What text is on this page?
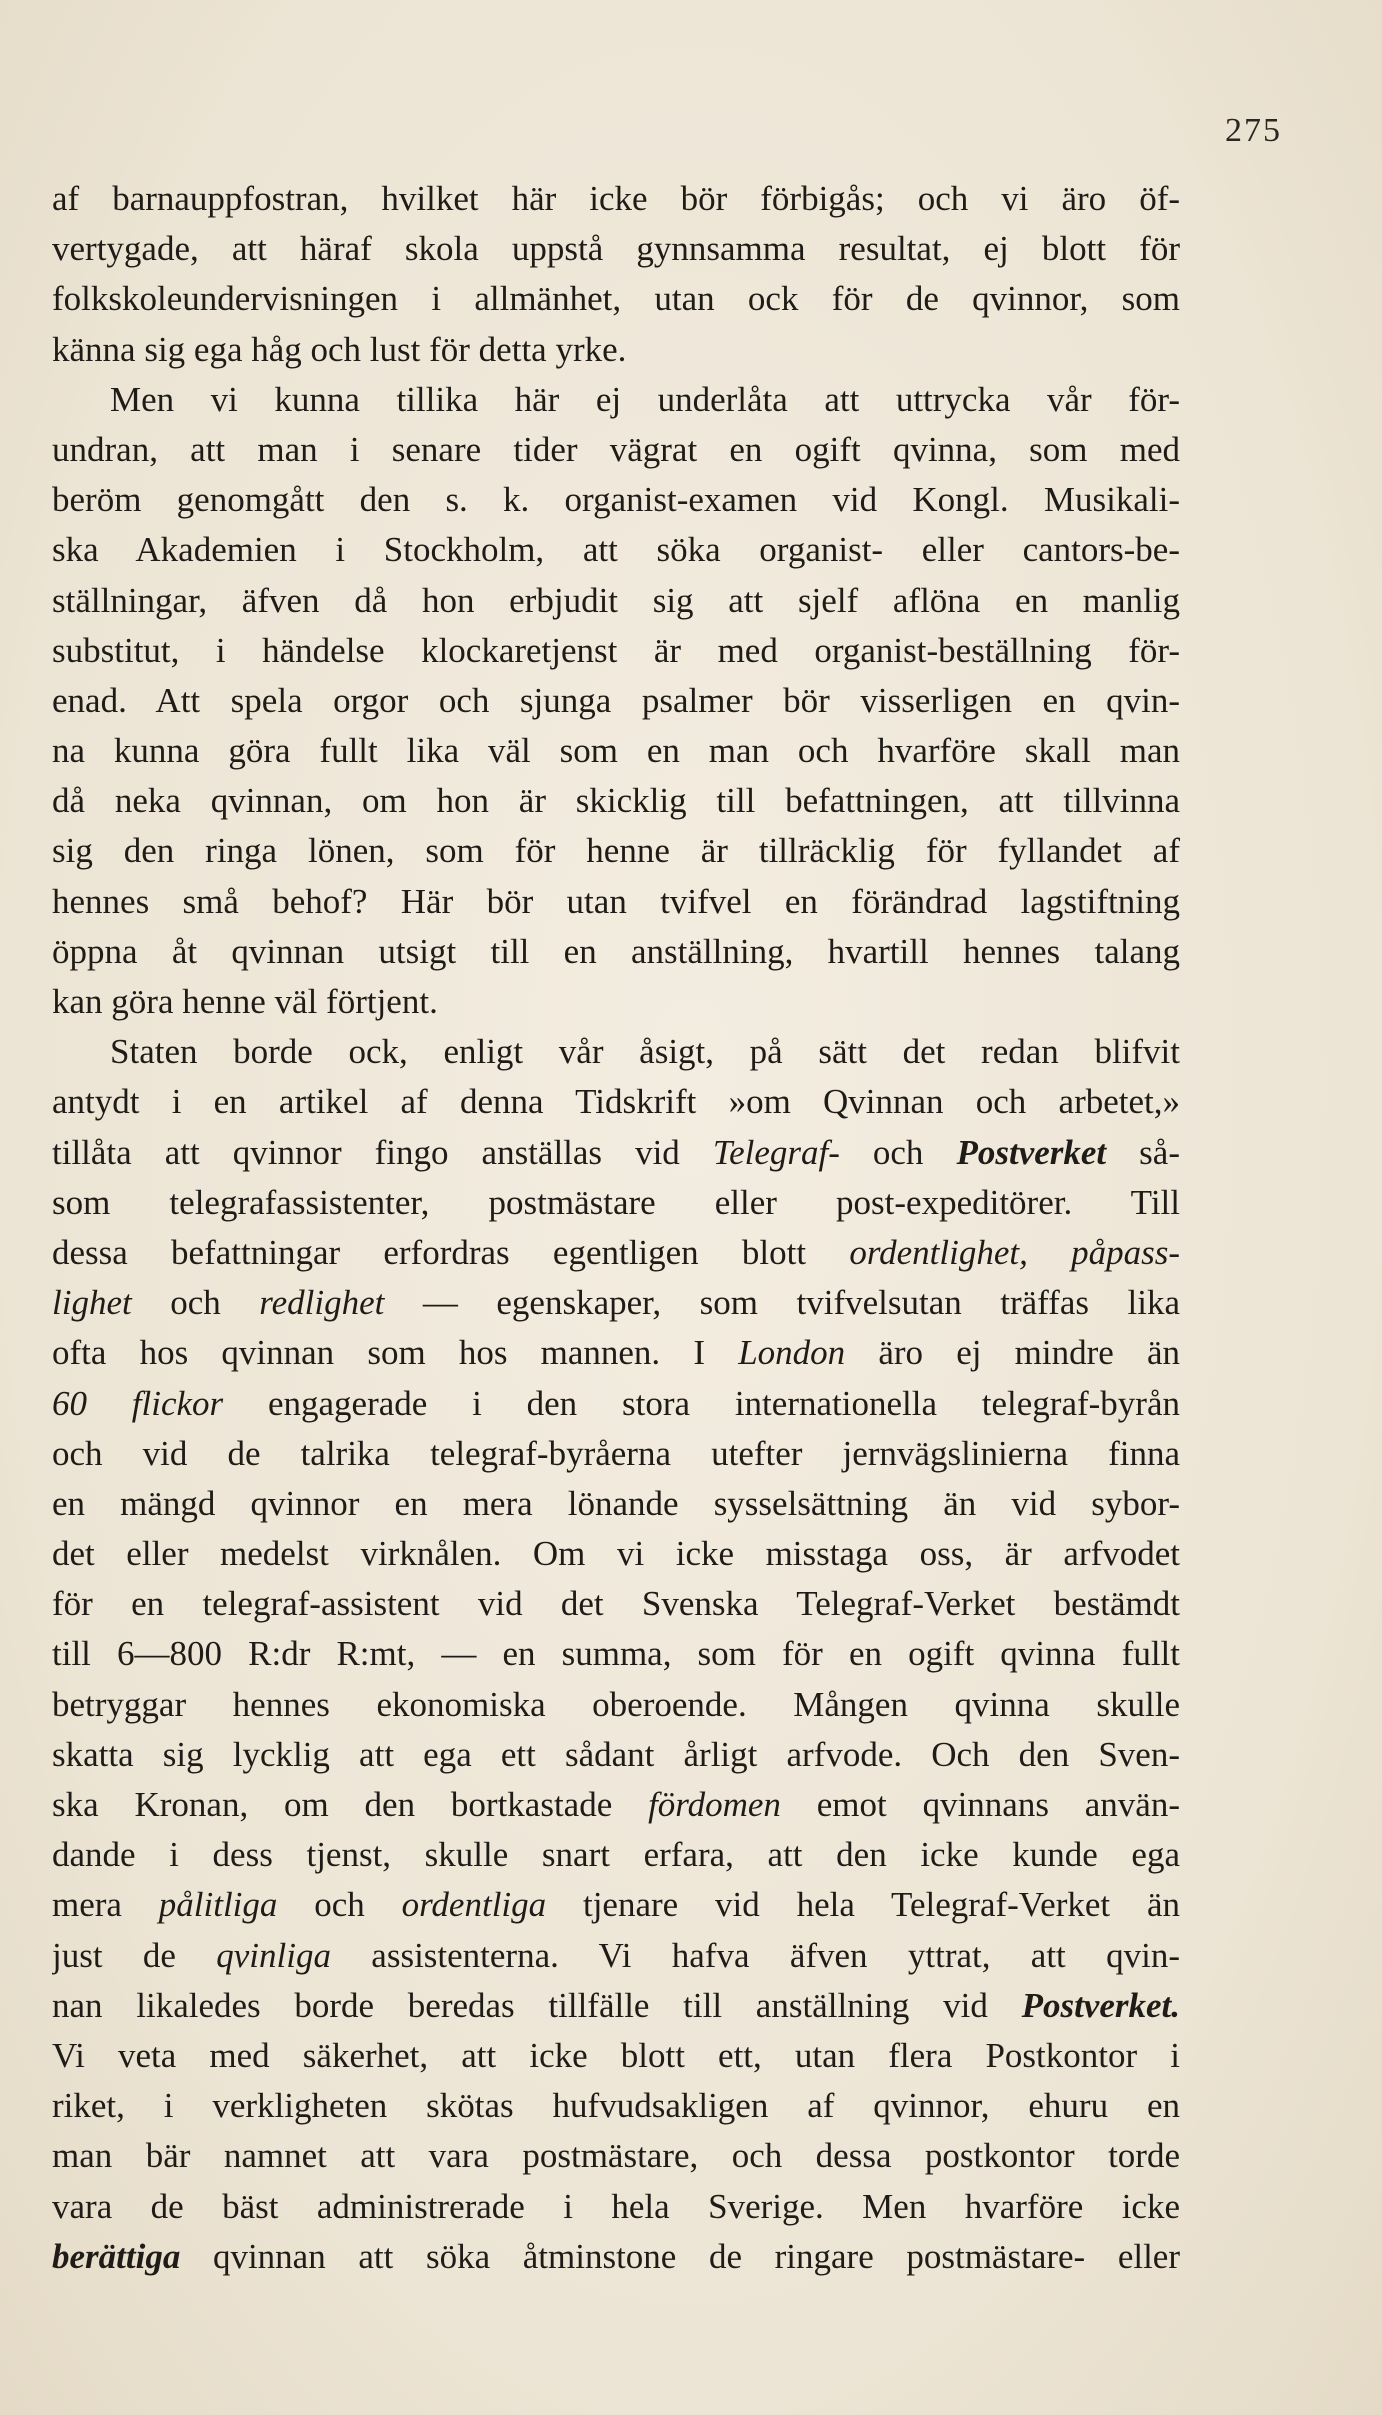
275
af barnauppfostran, hvilket här icke bör förbigås; och vi äro öf-
vertygade, att häraf skola uppstå gynnsamma resultat, ej blott för
folkskoleundervisningen i allmänhet, utan ock för de qvinnor, som
känna sig ega håg och lust för detta yrke.
Men vi kunna tillika här ej underlåta att uttrycka vår för-
undran, att man i senare tider vägrat en ogift qvinna, som med
beröm genomgått den s. k. organist-examen vid Kongl. Musikali-
ska Akademien i Stockholm, att söka organist- eller cantors-be-
ställningar, äfven då hon erbjudit sig att sjelf aflöna en manlig
substitut, i händelse klockaretjenst är med organist-beställning för-
enad. Att spela orgor och sjunga psalmer bör visserligen en qvin-
na kunna göra fullt lika väl som en man och hvarföre skall man
då neka qvinnan, om hon är skicklig till befattningen, att tillvinna
sig den ringa lönen, som för henne är tillräcklig för fyllandet af
hennes små behof? Här bör utan tvifvel en förändrad lagstiftning
öppna åt qvinnan utsigt till en anställning, hvartill hennes talang
kan göra henne väl förtjent.
Staten borde ock, enligt vår åsigt, på sätt det redan blifvit
antydt i en artikel af denna Tidskrift »om Qvinnan och arbetet,»
tillåta att qvinnor fingo anställas vid Telegraf- och Postverket så-
som telegrafassistenter, postmästare eller post-expeditörer. Till
dessa befattningar erfordras egentligen blott ordentlighet, påpass-
lighet och redlighet — egenskaper, som tvifvelsutan träffas lika
ofta hos qvinnan som hos mannen. I London äro ej mindre än
60 flickor engagerade i den stora internationella telegraf-byrån
och vid de talrika telegraf-byråerna utefter jernvägslinierna finna
en mängd qvinnor en mera lönande sysselsättning än vid sybor-
det eller medelst virknålen. Om vi icke misstaga oss, är arfvodet
för en telegraf-assistent vid det Svenska Telegraf-Verket bestämdt
till 6—800 R:dr R:mt, — en summa, som för en ogift qvinna fullt
betryggar hennes ekonomiska oberoende. Mången qvinna skulle
skatta sig lycklig att ega ett sådant årligt arfvode. Och den Sven-
ska Kronan, om den bortkastade fördomen emot qvinnans använ-
dande i dess tjenst, skulle snart erfara, att den icke kunde ega
mera pålitliga och ordentliga tjenare vid hela Telegraf-Verket än
just de qvinliga assistenterna. Vi hafva äfven yttrat, att qvin-
nan likaledes borde beredas tillfälle till anställning vid Postverket.
Vi veta med säkerhet, att icke blott ett, utan flera Postkontor i
riket, i verkligheten skötas hufvudsakligen af qvinnor, ehuru en
man bär namnet att vara postmästare, och dessa postkontor torde
vara de bäst administrerade i hela Sverige. Men hvarföre icke
berättiga qvinnan att söka åtminstone de ringare postmästare- eller
